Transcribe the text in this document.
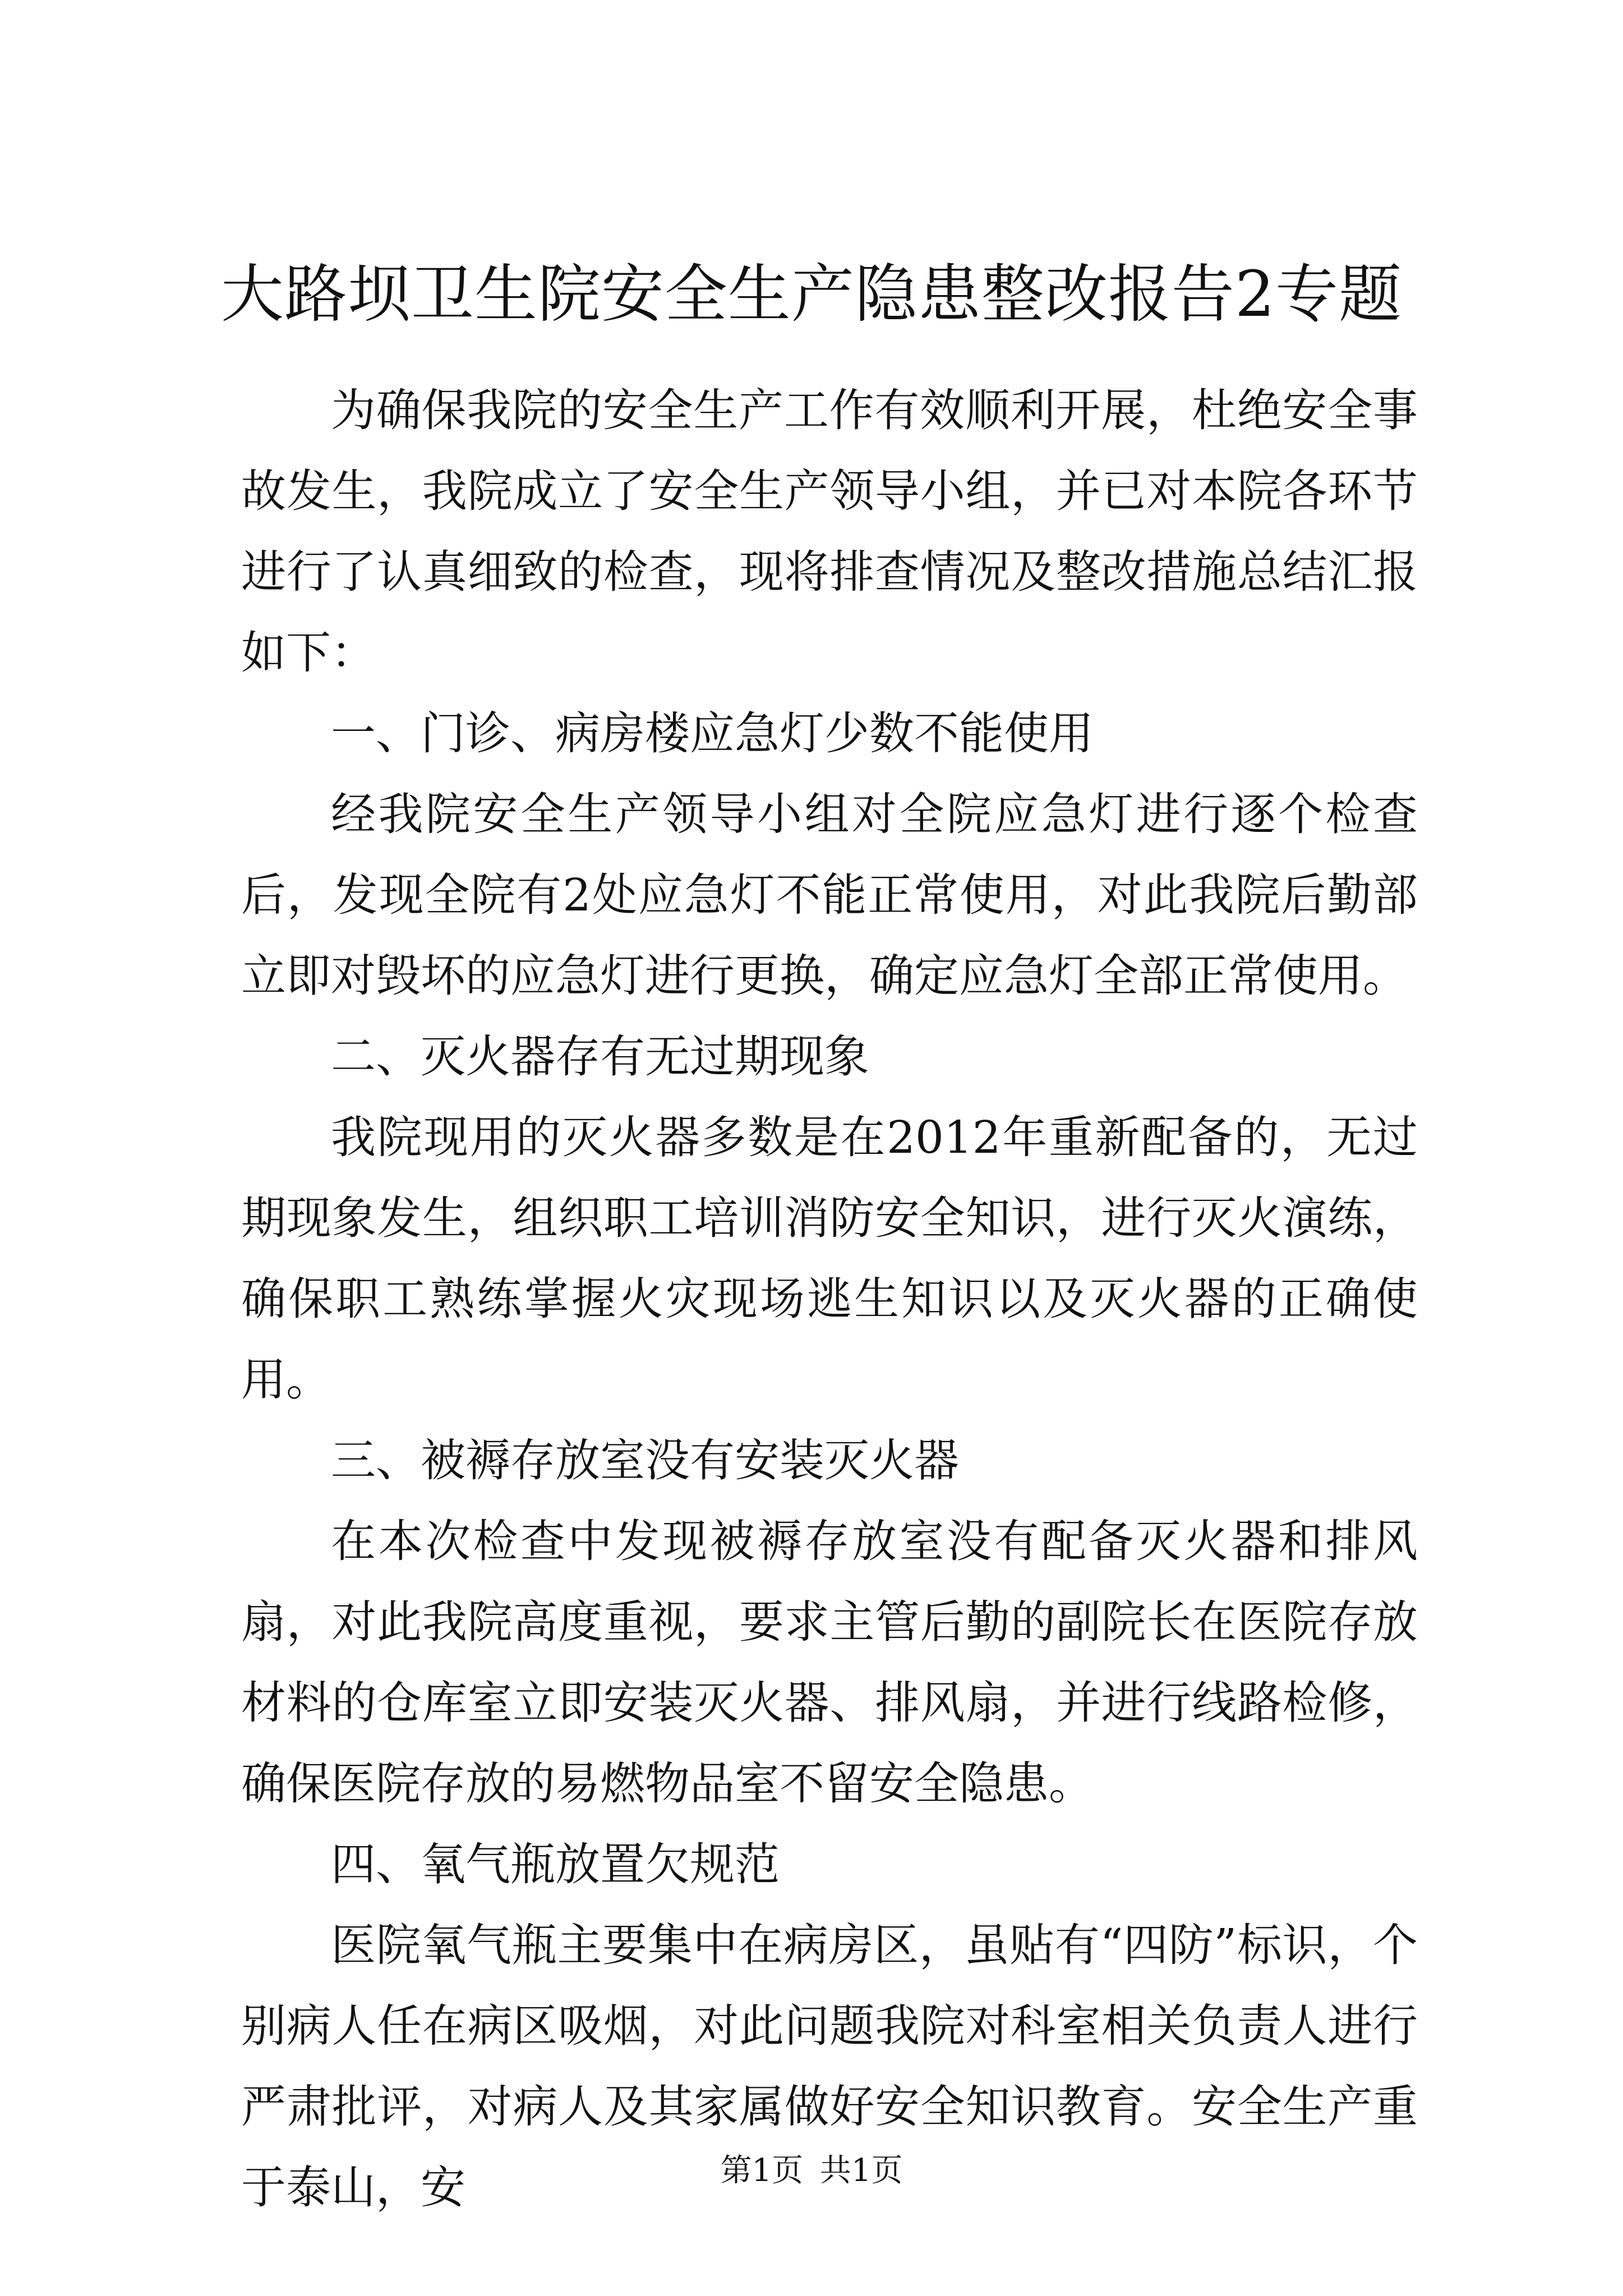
大路坝卫生院安全生产隐患整改报告2专题

为确保我院的安全生产工作有效顺利开展，杜绝安全事故发生，我院成立了安全生产领导小组，并已对本院各环节进行了认真细致的检查，现将排查情况及整改措施总结汇报如下：

一、门诊、病房楼应急灯少数不能使用

经我院安全生产领导小组对全院应急灯进行逐个检查后，发现全院有2处应急灯不能正常使用，对此我院后勤部立即对毁坏的应急灯进行更换，确定应急灯全部正常使用。

二、灭火器存有无过期现象

我院现用的灭火器多数是在2012年重新配备的，无过期现象发生，组织职工培训消防安全知识，进行灭火演练，确保职工熟练掌握火灾现场逃生知识以及灭火器的正确使用。

三、被褥存放室没有安装灭火器

在本次检查中发现被褥存放室没有配备灭火器和排风扇，对此我院高度重视，要求主管后勤的副院长在医院存放材料的仓库室立即安装灭火器、排风扇，并进行线路检修，确保医院存放的易燃物品室不留安全隐患。

四、氧气瓶放置欠规范

医院氧气瓶主要集中在病房区，虽贴有“四防”标识，个别病人任在病区吸烟，对此问题我院对科室相关负责人进行严肃批评，对病人及其家属做好安全知识教育。安全生产重于泰山，安	第1页 共1页
